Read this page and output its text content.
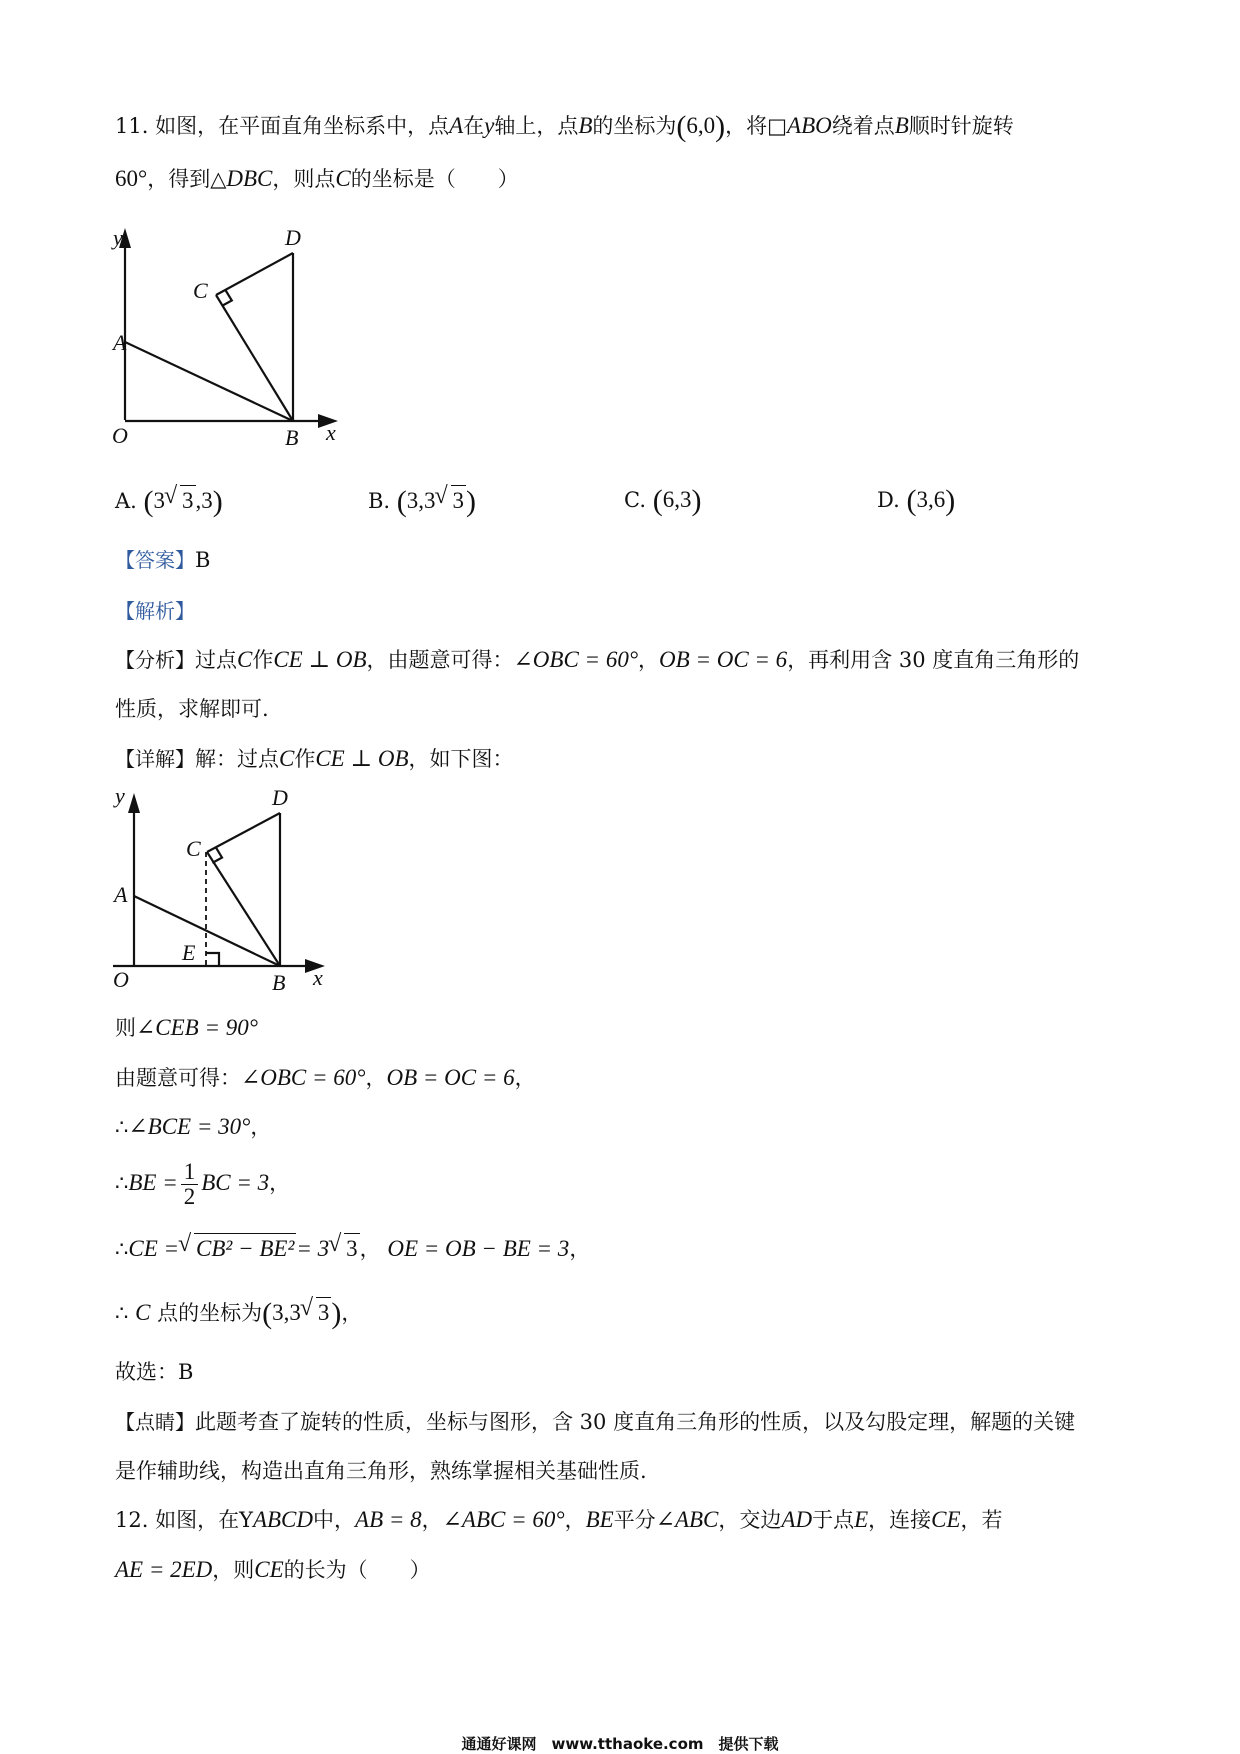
11. 如图，在平面直角坐标系中，点A在y轴上，点B的坐标为(6,0)，将□ABO绕着点B顺时针旋转
60°，得到△DBC，则点C的坐标是（　　）
y	D
C
A
O	B x
A. (3 √ 3,3)	B. (3,3 √ 3)	C. (6,3)	D. (3,6)
【答案】B
【解析】
【分析】过点C作CE ⊥ OB，由题意可得：∠OBC = 60°，OB = OC = 6，再利用含 30 度直角三角形的
性质，求解即可.
【详解】解：过点C作CE ⊥ OB，如下图：
y	D
C
A
E
O	B x
则∠CEB = 90°
由题意可得：∠OBC = 60°，OB = OC = 6，
∴∠BCE = 30°，
∴BE = $\frac{1}{2}$ BC = 3，
∴CE = √ CB² − BE²= 3 √ 3， OE = OB − BE = 3，
∴ C 点的坐标为(3,3 √ 3)，
故选：B
【点睛】此题考查了旋转的性质，坐标与图形，含 30 度直角三角形的性质，以及勾股定理，解题的关键
是作辅助线，构造出直角三角形，熟练掌握相关基础性质.
12. 如图，在YABCD中，AB = 8，∠ABC = 60°，BE平分∠ABC，交边AD于点E，连接CE，若
AE = 2ED，则CE的长为（　　）
通通好课网　www.tthaoke.com　提供下载
